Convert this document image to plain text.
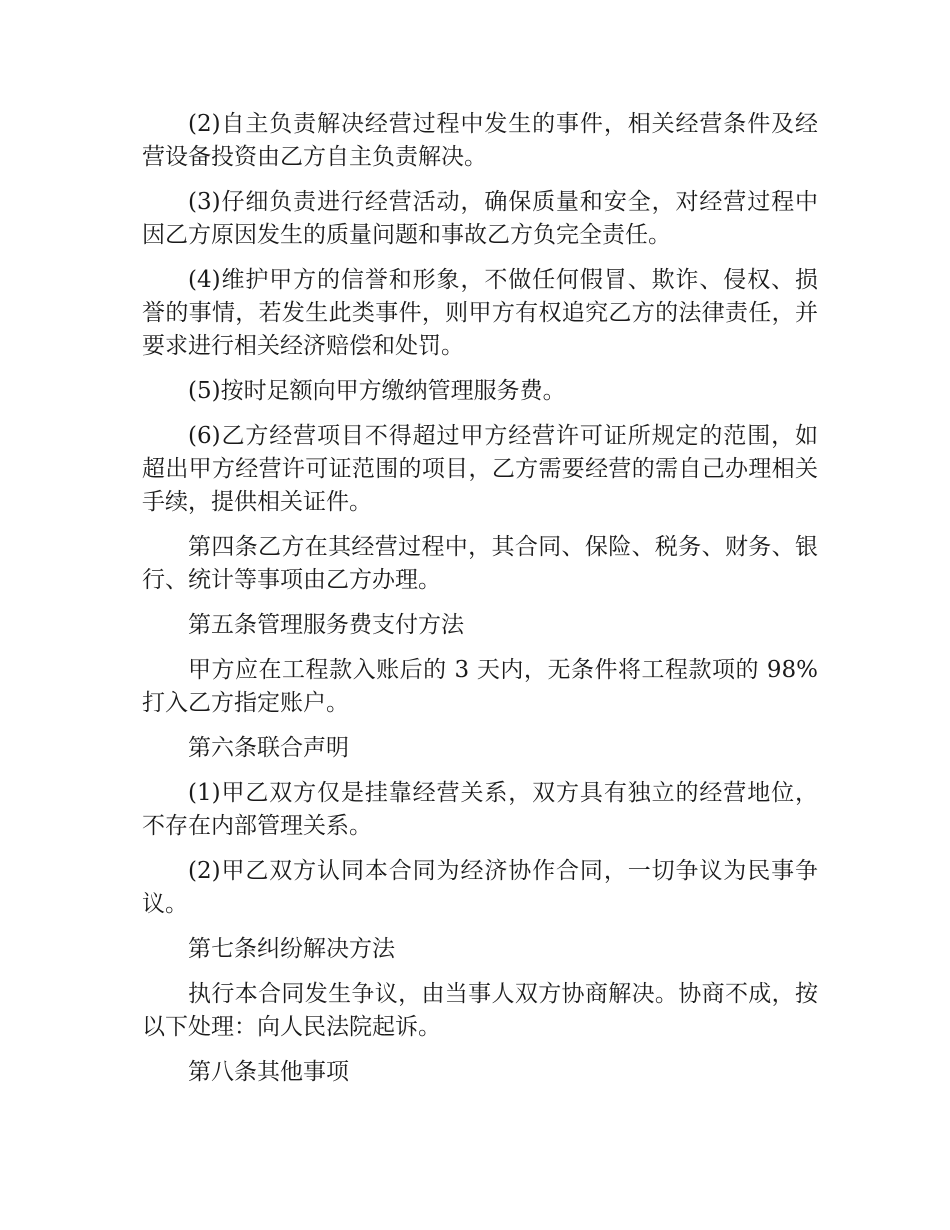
(2)自主负责解决经营过程中发生的事件，相关经营条件及经营设备投资由乙方自主负责解决。

(3)仔细负责进行经营活动，确保质量和安全，对经营过程中因乙方原因发生的质量问题和事故乙方负完全责任。

(4)维护甲方的信誉和形象，不做任何假冒、欺诈、侵权、损誉的事情，若发生此类事件，则甲方有权追究乙方的法律责任，并要求进行相关经济赔偿和处罚。

(5)按时足额向甲方缴纳管理服务费。

(6)乙方经营项目不得超过甲方经营许可证所规定的范围，如超出甲方经营许可证范围的项目，乙方需要经营的需自己办理相关手续，提供相关证件。

第四条乙方在其经营过程中，其合同、保险、税务、财务、银行、统计等事项由乙方办理。

第五条管理服务费支付方法

甲方应在工程款入账后的 3 天内，无条件将工程款项的 98%打入乙方指定账户。

第六条联合声明

(1)甲乙双方仅是挂靠经营关系，双方具有独立的经营地位，不存在内部管理关系。

(2)甲乙双方认同本合同为经济协作合同，一切争议为民事争议。

第七条纠纷解决方法

执行本合同发生争议，由当事人双方协商解决。协商不成，按以下处理：向人民法院起诉。

第八条其他事项
